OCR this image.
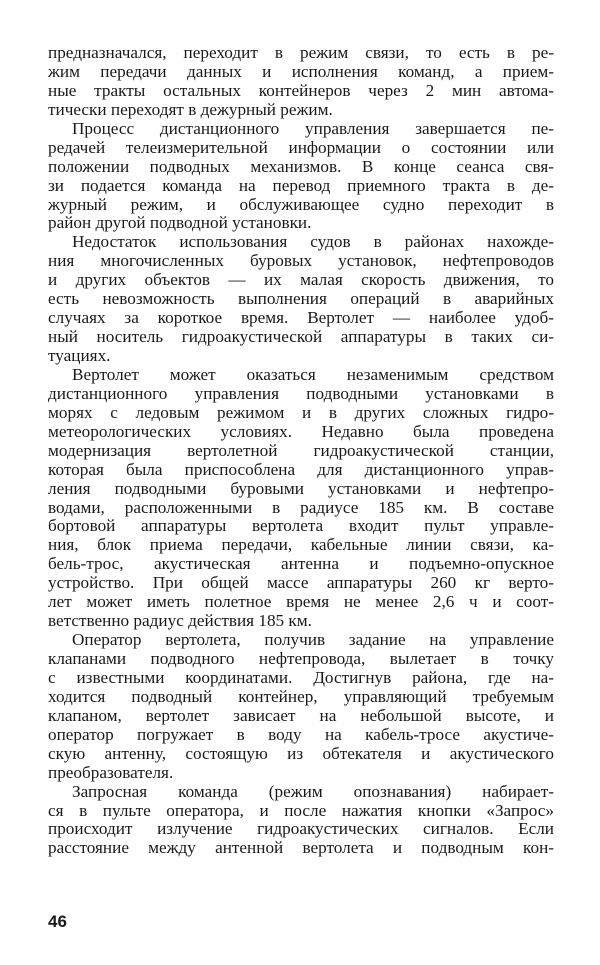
предназначался, переходит в режим связи, то есть в ре-
жим передачи данных и исполнения команд, а прием-
ные тракты остальных контейнеров через 2 мин автома-
тически переходят в дежурный режим.
Процесс дистанционного управления завершается пе-
редачей телеизмерительной информации о состоянии или
положении подводных механизмов. В конце сеанса свя-
зи подается команда на перевод приемного тракта в де-
журный режим, и обслуживающее судно переходит в
район другой подводной установки.
Недостаток использования судов в районах нахожде-
ния многочисленных буровых установок, нефтепроводов
и других объектов — их малая скорость движения, то
есть невозможность выполнения операций в аварийных
случаях за короткое время. Вертолет — наиболее удоб-
ный носитель гидроакустической аппаратуры в таких си-
туациях.
Вертолет может оказаться незаменимым средством
дистанционного управления подводными установками в
морях с ледовым режимом и в других сложных гидро-
метеорологических условиях. Недавно была проведена
модернизация вертолетной гидроакустической станции,
которая была приспособлена для дистанционного управ-
ления подводными буровыми установками и нефтепро-
водами, расположенными в радиусе 185 км. В составе
бортовой аппаратуры вертолета входит пульт управле-
ния, блок приема передачи, кабельные линии связи, ка-
бель-трос, акустическая антенна и подъемно-опускное
устройство. При общей массе аппаратуры 260 кг верто-
лет может иметь полетное время не менее 2,6 ч и соот-
ветственно радиус действия 185 км.
Оператор вертолета, получив задание на управление
клапанами подводного нефтепровода, вылетает в точку
с известными координатами. Достигнув района, где на-
ходится подводный контейнер, управляющий требуемым
клапаном, вертолет зависает на небольшой высоте, и
оператор погружает в воду на кабель-тросе акустиче-
скую антенну, состоящую из обтекателя и акустического
преобразователя.
Запросная команда (режим опознавания) набирает-
ся в пульте оператора, и после нажатия кнопки «Запрос»
происходит излучение гидроакустических сигналов. Если
расстояние между антенной вертолета и подводным кон-
46
